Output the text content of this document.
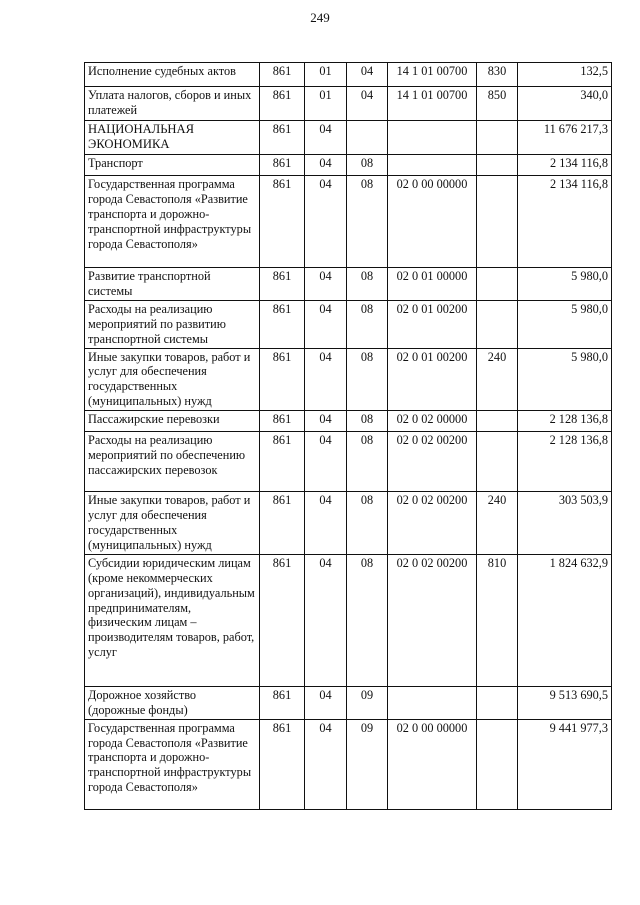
249
Исполнение судебных актов	861	01	04	14 1 01 00700	830	132,5
Уплата налогов, сборов и иных платежей	861	01	04	14 1 01 00700	850	340,0
НАЦИОНАЛЬНАЯ ЭКОНОМИКА	861	04				11 676 217,3
Транспорт	861	04	08			2 134 116,8
Государственная программа города Севастополя «Развитие транспорта и дорожно-транспортной инфраструктуры города Севастополя»	861	04	08	02 0 00 00000		2 134 116,8
Развитие транспортной системы	861	04	08	02 0 01 00000		5 980,0
Расходы на реализацию мероприятий по развитию транспортной системы	861	04	08	02 0 01 00200		5 980,0
Иные закупки товаров, работ и услуг для обеспечения государственных (муниципальных) нужд	861	04	08	02 0 01 00200	240	5 980,0
Пассажирские перевозки	861	04	08	02 0 02 00000		2 128 136,8
Расходы на реализацию мероприятий по обеспечению пассажирских перевозок	861	04	08	02 0 02 00200		2 128 136,8
Иные закупки товаров, работ и услуг для обеспечения государственных (муниципальных) нужд	861	04	08	02 0 02 00200	240	303 503,9
Субсидии юридическим лицам (кроме некоммерческих организаций), индивидуальным предпринимателям, физическим лицам – производителям товаров, работ, услуг	861	04	08	02 0 02 00200	810	1 824 632,9
Дорожное хозяйство (дорожные фонды)	861	04	09			9 513 690,5
Государственная программа города Севастополя «Развитие транспорта и дорожно-транспортной инфраструктуры города Севастополя»	861	04	09	02 0 00 00000		9 441 977,3
